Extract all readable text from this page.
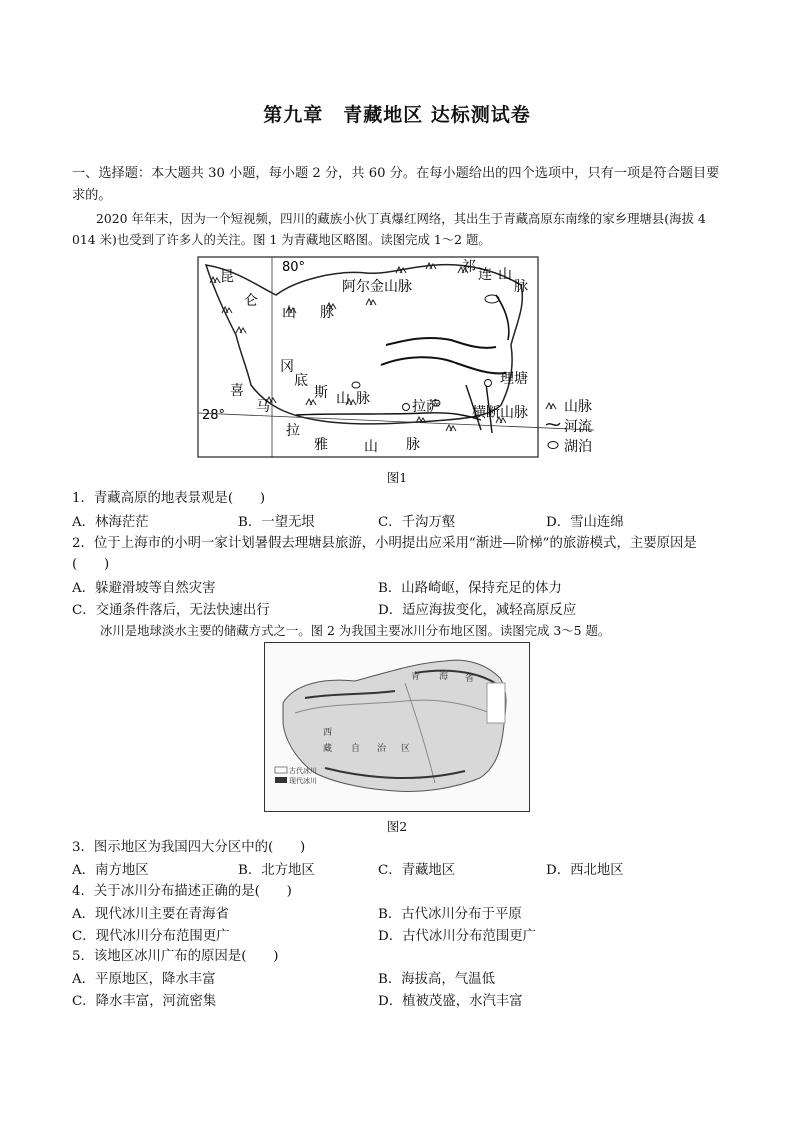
第九章　青藏地区 达标测试卷
一、选择题：本大题共 30 小题，每小题 2 分，共 60 分。在每小题给出的四个选项中，只有一项是符合题目要求的。
2020 年年末，因为一个短视频，四川的藏族小伙丁真爆红网络，其出生于青藏高原东南缘的家乡理塘县(海拔 4 014 米)也受到了许多人的关注。图 1 为青藏地区略图。读图完成 1～2 题。
昆
仑
山 脉
80°
阿尔金山脉
祁 连 山
脉
冈
底
斯 山 脉
喜
马
拉
雅	山 脉
28°
理塘
拉萨 横断山脉	山脉
河流
湖泊
图1
1．青藏高原的地表景观是(　　)
A．林海茫茫	B．一望无垠	C．千沟万壑	D．雪山连绵
2．位于上海市的小明一家计划暑假去理塘县旅游，小明提出应采用“渐进—阶梯”的旅游模式，主要原因是(　　)
A．躲避滑坡等自然灾害	B．山路崎岖，保持充足的体力
C．交通条件落后，无法快速出行	D．适应海拔变化，减轻高原反应
冰川是地球淡水主要的储藏方式之一。图 2 为我国主要冰川分布地区图。读图完成 3～5 题。
青 海 省
西
藏 自 治 区
古代冰川
现代冰川
图2
3．图示地区为我国四大分区中的(　　)
A．南方地区	B．北方地区	C．青藏地区	D．西北地区
4．关于冰川分布描述正确的是(　　)
A．现代冰川主要在青海省	B．古代冰川分布于平原
C．现代冰川分布范围更广	D．古代冰川分布范围更广
5．该地区冰川广布的原因是(　　)
A．平原地区，降水丰富	B．海拔高，气温低
C．降水丰富，河流密集	D．植被茂盛，水汽丰富
